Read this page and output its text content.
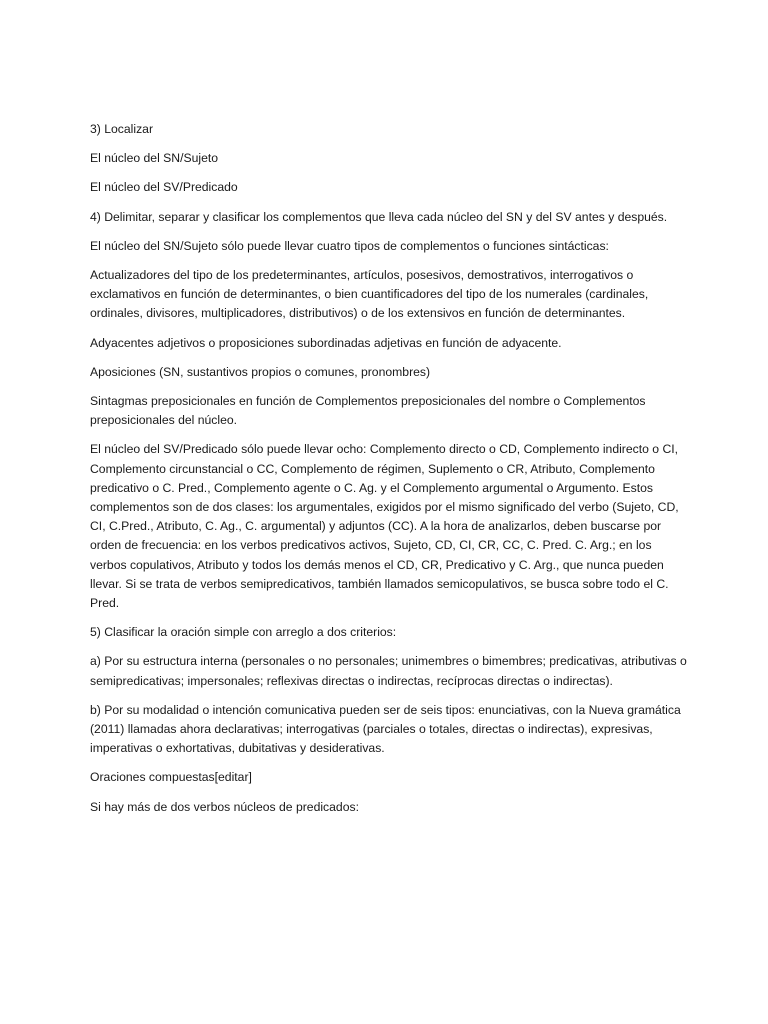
3) Localizar

El núcleo del SN/Sujeto

El núcleo del SV/Predicado

4) Delimitar, separar y clasificar los complementos que lleva cada núcleo del SN y del SV antes y después.

El núcleo del SN/Sujeto sólo puede llevar cuatro tipos de complementos o funciones sintácticas:

Actualizadores del tipo de los predeterminantes, artículos, posesivos, demostrativos, interrogativos o exclamativos en función de determinantes, o bien cuantificadores del tipo de los numerales (cardinales, ordinales, divisores, multiplicadores, distributivos) o de los extensivos en función de determinantes.

Adyacentes adjetivos o proposiciones subordinadas adjetivas en función de adyacente.

Aposiciones (SN, sustantivos propios o comunes, pronombres)

Sintagmas preposicionales en función de Complementos preposicionales del nombre o Complementos preposicionales del núcleo.

El núcleo del SV/Predicado sólo puede llevar ocho: Complemento directo o CD, Complemento indirecto o CI, Complemento circunstancial o CC, Complemento de régimen, Suplemento o CR, Atributo, Complemento predicativo o C. Pred., Complemento agente o C. Ag. y el Complemento argumental o Argumento. Estos complementos son de dos clases: los argumentales, exigidos por el mismo significado del verbo (Sujeto, CD, CI, C.Pred., Atributo, C. Ag., C. argumental) y adjuntos (CC). A la hora de analizarlos, deben buscarse por orden de frecuencia: en los verbos predicativos activos, Sujeto, CD, CI, CR, CC, C. Pred. C. Arg.; en los verbos copulativos, Atributo y todos los demás menos el CD, CR, Predicativo y C. Arg., que nunca pueden llevar. Si se trata de verbos semipredicativos, también llamados semicopulativos, se busca sobre todo el C. Pred.

5) Clasificar la oración simple con arreglo a dos criterios:

a) Por su estructura interna (personales o no personales; unimembres o bimembres; predicativas, atributivas o semipredicativas; impersonales; reflexivas directas o indirectas, recíprocas directas o indirectas).

b) Por su modalidad o intención comunicativa pueden ser de seis tipos: enunciativas, con la Nueva gramática (2011) llamadas ahora declarativas; interrogativas (parciales o totales, directas o indirectas), expresivas, imperativas o exhortativas, dubitativas y desiderativas.

Oraciones compuestas[editar]

Si hay más de dos verbos núcleos de predicados:
